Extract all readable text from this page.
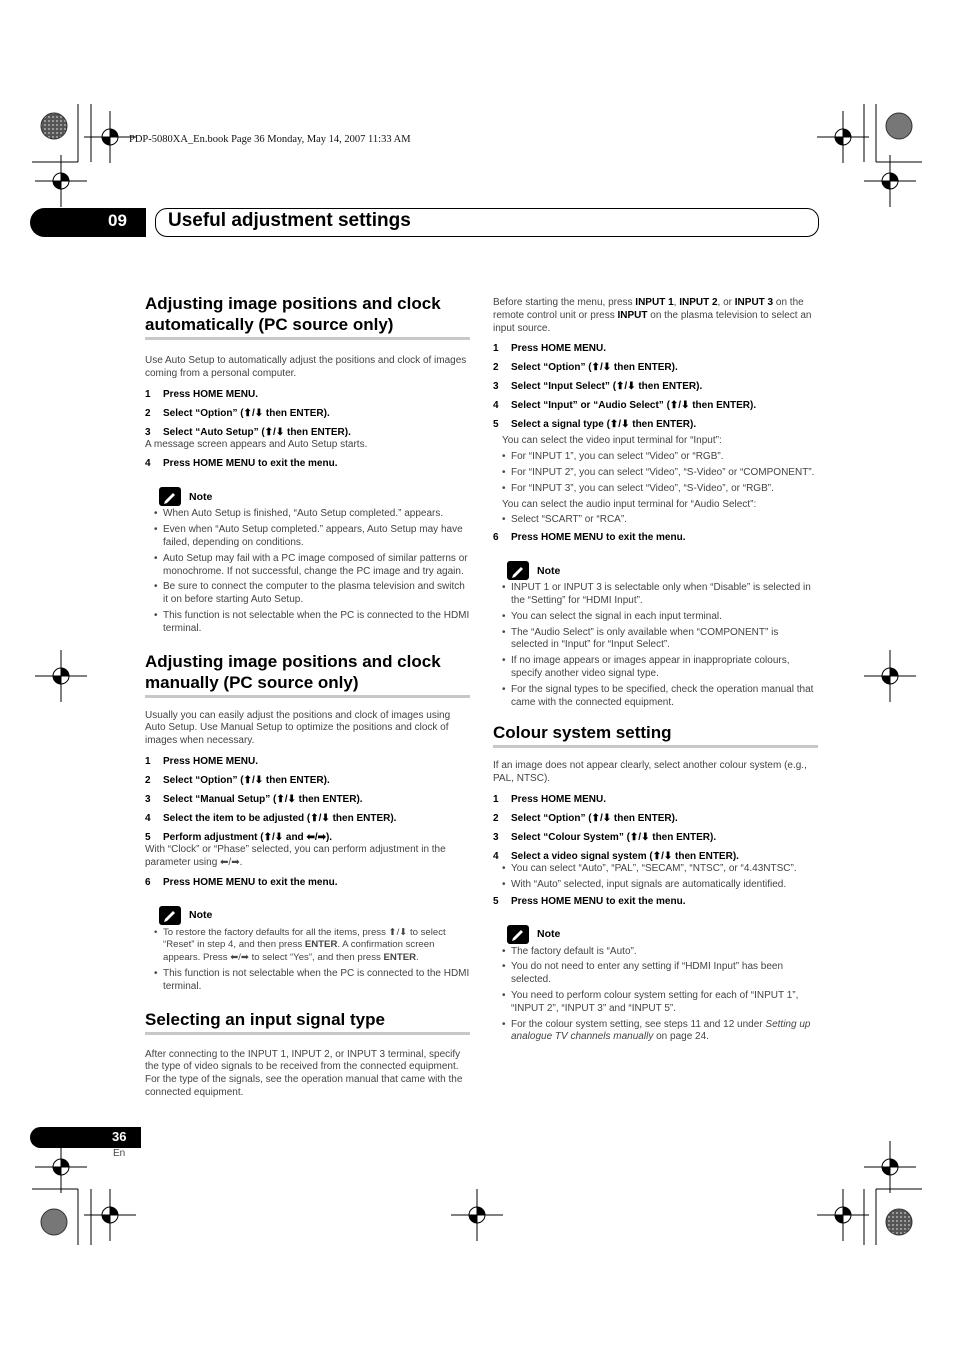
PDP-5080XA_En.book Page 36 Monday, May 14, 2007 11:33 AM
09 Useful adjustment settings
Adjusting image positions and clock automatically (PC source only)

Use Auto Setup to automatically adjust the positions and clock of images coming from a personal computer.

1	Press HOME MENU.

2	Select “Option” (⬆/⬇ then ENTER).

3	Select “Auto Setup” (⬆/⬇ then ENTER).

A message screen appears and Auto Setup starts.

4	Press HOME MENU to exit the menu.

Note
• When Auto Setup is finished, “Auto Setup completed.” appears.
• Even when “Auto Setup completed.” appears, Auto Setup may have failed, depending on conditions.
• Auto Setup may fail with a PC image composed of similar patterns or monochrome. If not successful, change the PC image and try again.
• Be sure to connect the computer to the plasma television and switch it on before starting Auto Setup.
• This function is not selectable when the PC is connected to the HDMI terminal.
Adjusting image positions and clock manually (PC source only)

Usually you can easily adjust the positions and clock of images using Auto Setup. Use Manual Setup to optimize the positions and clock of images when necessary.

1	Press HOME MENU.

2	Select “Option” (⬆/⬇ then ENTER).

3	Select “Manual Setup” (⬆/⬇ then ENTER).

4	Select the item to be adjusted (⬆/⬇ then ENTER).

5	Perform adjustment (⬆/⬇ and ⬅/➡).

With “Clock” or “Phase” selected, you can perform adjustment in the parameter using ⬅/➡.

6	Press HOME MENU to exit the menu.

Note
• To restore the factory defaults for all the items, press ⬆/⬇ to select “Reset” in step 4, and then press ENTER. A confirmation screen appears. Press ⬅/➡ to select “Yes”, and then press ENTER.
• This function is not selectable when the PC is connected to the HDMI terminal.
Selecting an input signal type

After connecting to the INPUT 1, INPUT 2, or INPUT 3 terminal, specify the type of video signals to be received from the connected equipment. For the type of the signals, see the operation manual that came with the connected equipment.

Before starting the menu, press INPUT 1, INPUT 2, or INPUT 3 on the remote control unit or press INPUT on the plasma television to select an input source.

1	Press HOME MENU.

2	Select “Option” (⬆/⬇ then ENTER).

3	Select “Input Select” (⬆/⬇ then ENTER).

4	Select “Input” or “Audio Select” (⬆/⬇ then ENTER).

5	Select a signal type (⬆/⬇ then ENTER).

You can select the video input terminal for “Input”:

• For “INPUT 1”, you can select “Video” or “RGB”.
• For “INPUT 2”, you can select “Video”, “S-Video” or “COMPONENT”.
• For “INPUT 3”, you can select “Video”, “S-Video”, or “RGB”.

You can select the audio input terminal for “Audio Select”:

• Select “SCART” or “RCA”.

6	Press HOME MENU to exit the menu.

Note
• INPUT 1 or INPUT 3 is selectable only when “Disable” is selected in the “Setting” for “HDMI Input”.
• You can select the signal in each input terminal.
• The “Audio Select” is only available when “COMPONENT” is selected in “Input” for “Input Select”.
• If no image appears or images appear in inappropriate colours, specify another video signal type.
• For the signal types to be specified, check the operation manual that came with the connected equipment.
Colour system setting

If an image does not appear clearly, select another colour system (e.g., PAL, NTSC).

1	Press HOME MENU.

2	Select “Option” (⬆/⬇ then ENTER).

3	Select “Colour System” (⬆/⬇ then ENTER).

4	Select a video signal system (⬆/⬇ then ENTER).

• You can select “Auto”, “PAL”, “SECAM”, “NTSC”, or “4.43NTSC”.
• With “Auto” selected, input signals are automatically identified.

5	Press HOME MENU to exit the menu.

Note
• The factory default is “Auto”.
• You do not need to enter any setting if “HDMI Input” has been selected.
• You need to perform colour system setting for each of “INPUT 1”, “INPUT 2”, “INPUT 3” and “INPUT 5”.
• For the colour system setting, see steps 11 and 12 under Setting up analogue TV channels manually on page 24.
36
En
